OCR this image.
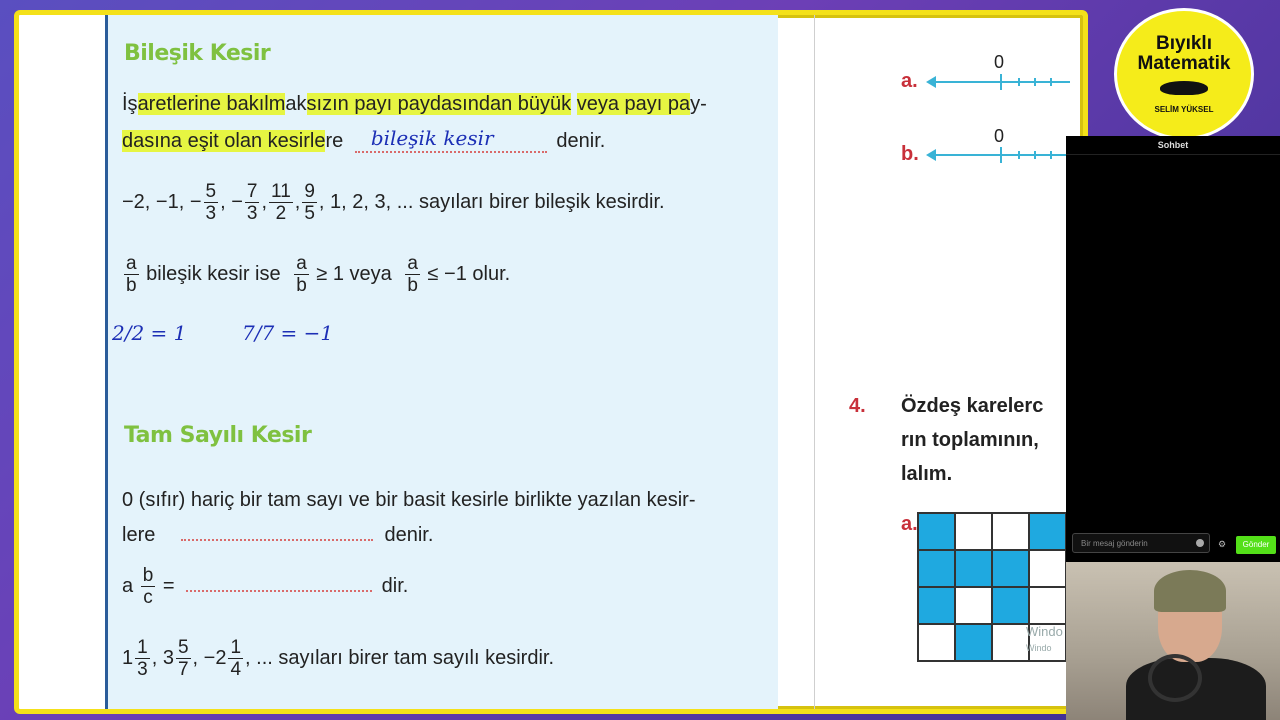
Bileşik Kesir
İşaretlerine bakılmaksızın payı paydasından büyük veya payı pay-
dasına eşit olan kesirlere bileşik kesir	denir.
−2, −1, − $\frac{5}{3}$ , − $\frac{7}{3}$ , $\frac{11}{2}$ , $\frac{9}{5}$ , 1, 2, 3, ... sayıları birer bileşik kesirdir.
$\frac{a}{b}$ bileşik kesir ise $\frac{a}{b} \ge 1$ veya $\frac{a}{b} \le -1$ olur.
2/2 = 1	7/7 = −1
Tam Sayılı Kesir
0 (sıfır) hariç bir tam sayı ve bir basit kesirle birlikte yazılan kesir-
lere	denir.
a $\frac{b}{c}$ =	dir.
$1 \frac{1}{3}$ , $3 \frac{5}{7}$ , $-2 \frac{1}{4}$ , ... sayıları birer tam sayılı kesirdir.
a.
0
b.
0
4. Özdeş karelerc
rın toplamının,
lalım.
a.
Windo
Windo
Bıyıklı
Matematik
SELİM YÜKSEL
Sohbet
Bir mesaj gönderin	⚙	Gönder
